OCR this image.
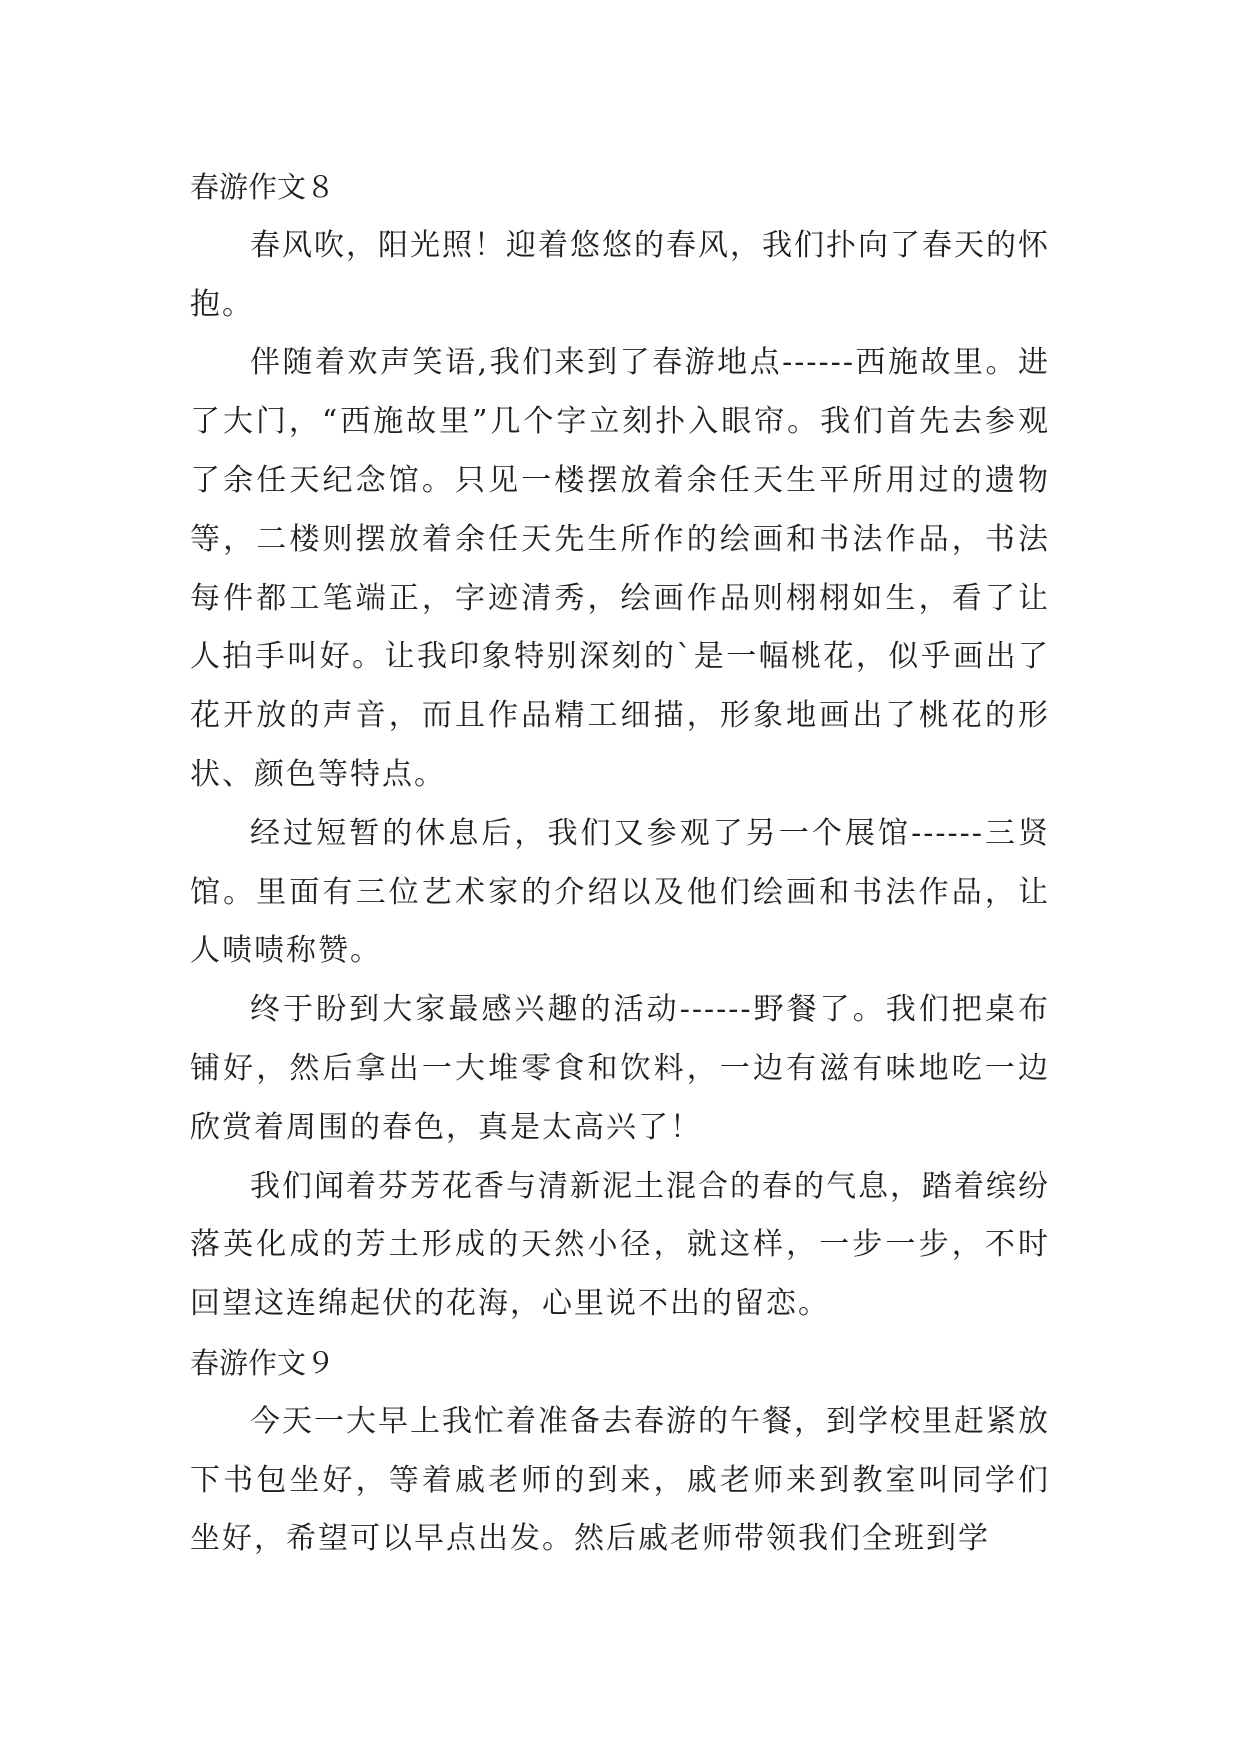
春游作文８

春风吹，阳光照！迎着悠悠的春风，我们扑向了春天的怀抱。

伴随着欢声笑语,我们来到了春游地点------西施故里。进了大门，“西施故里”几个字立刻扑入眼帘。我们首先去参观了余任天纪念馆。只见一楼摆放着余任天生平所用过的遗物等，二楼则摆放着余任天先生所作的绘画和书法作品，书法每件都工笔端正，字迹清秀，绘画作品则栩栩如生，看了让人拍手叫好。让我印象特别深刻的`是一幅桃花，似乎画出了花开放的声音，而且作品精工细描，形象地画出了桃花的形状、颜色等特点。

经过短暂的休息后，我们又参观了另一个展馆------三贤馆。里面有三位艺术家的介绍以及他们绘画和书法作品，让人啧啧称赞。

终于盼到大家最感兴趣的活动------野餐了。我们把桌布铺好，然后拿出一大堆零食和饮料，一边有滋有味地吃一边欣赏着周围的春色，真是太高兴了！

我们闻着芬芳花香与清新泥土混合的春的气息，踏着缤纷落英化成的芳土形成的天然小径，就这样，一步一步，不时回望这连绵起伏的花海，心里说不出的留恋。

春游作文９

今天一大早上我忙着准备去春游的午餐，到学校里赶紧放下书包坐好，等着戚老师的到来，戚老师来到教室叫同学们坐好，希望可以早点出发。然后戚老师带领我们全班到学
